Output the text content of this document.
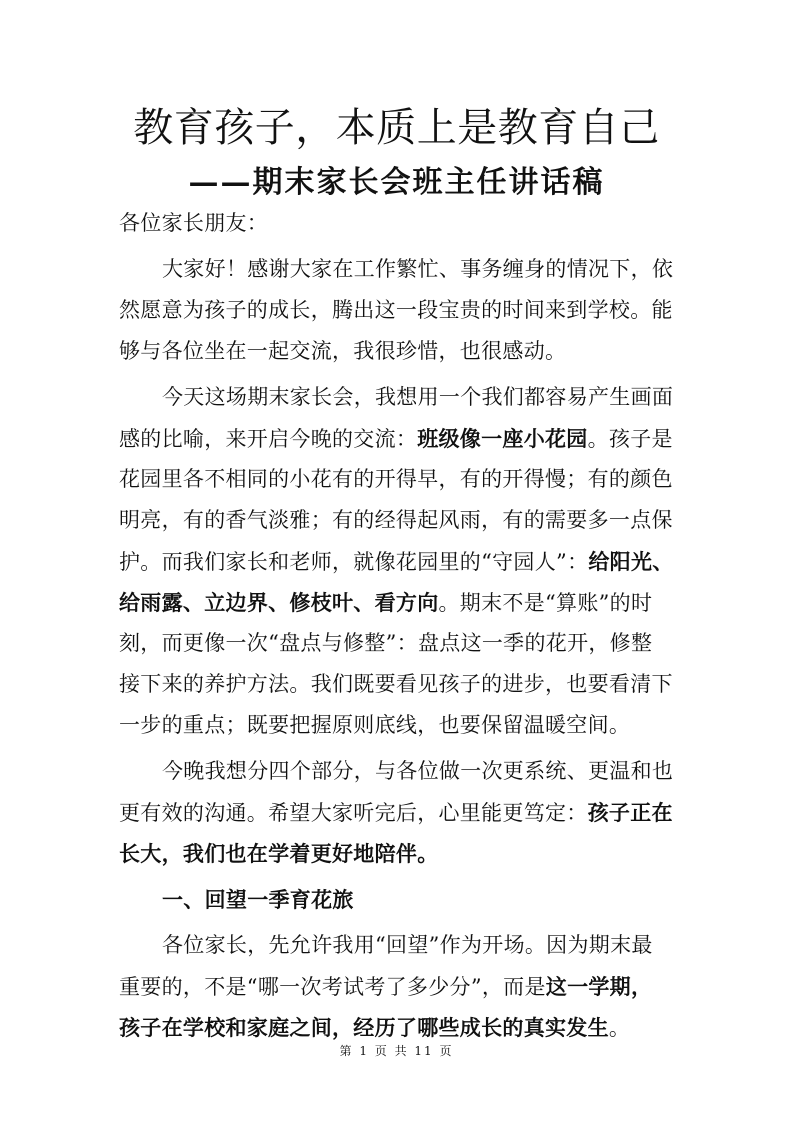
教育孩子，本质上是教育自己
——期末家长会班主任讲话稿
各位家长朋友：
大家好！感谢大家在工作繁忙、事务缠身的情况下，依
然愿意为孩子的成长，腾出这一段宝贵的时间来到学校。能
够与各位坐在一起交流，我很珍惜，也很感动。
今天这场期末家长会，我想用一个我们都容易产生画面
感的比喻，来开启今晚的交流：班级像一座小花园。孩子是
花园里各不相同的小花有的开得早，有的开得慢；有的颜色
明亮，有的香气淡雅；有的经得起风雨，有的需要多一点保
护。而我们家长和老师，就像花园里的“守园人”：给阳光、
给雨露、立边界、修枝叶、看方向。期末不是“算账”的时
刻，而更像一次“盘点与修整”：盘点这一季的花开，修整
接下来的养护方法。我们既要看见孩子的进步，也要看清下
一步的重点；既要把握原则底线，也要保留温暖空间。
今晚我想分四个部分，与各位做一次更系统、更温和也
更有效的沟通。希望大家听完后，心里能更笃定：孩子正在
长大，我们也在学着更好地陪伴。
一、回望一季育花旅
各位家长，先允许我用“回望”作为开场。因为期末最
重要的，不是“哪一次考试考了多少分”，而是这一学期，
孩子在学校和家庭之间，经历了哪些成长的真实发生。
第 1 页 共 11 页
